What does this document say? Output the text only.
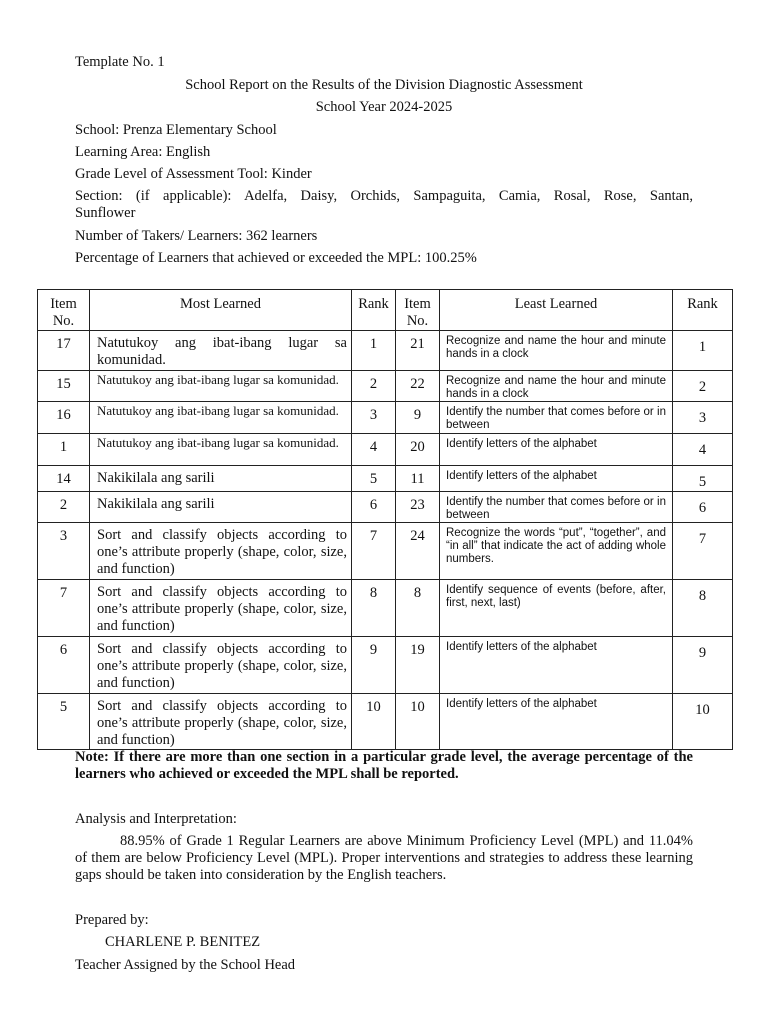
Template No. 1
School Report on the Results of the Division Diagnostic Assessment
School Year 2024-2025
School: Prenza Elementary School
Learning Area: English
Grade Level of Assessment Tool: Kinder
Section: (if applicable): Adelfa, Daisy, Orchids, Sampaguita, Camia, Rosal, Rose, Santan,
Sunflower
Number of Takers/ Learners: 362 learners
Percentage of Learners that achieved or exceeded the MPL: 100.25%
Item No.	Most Learned	Rank	Item No.	Least Learned	Rank
17	Natutukoy ang ibat-ibang lugar sa komunidad.	1	21	Recognize and name the hour and minute hands in a clock	1
15	Natutukoy ang ibat-ibang lugar sa komunidad.	2	22	Recognize and name the hour and minute hands in a clock	2
16	Natutukoy ang ibat-ibang lugar sa komunidad.	3	9	Identify the number that comes before or in between	3
1	Natutukoy ang ibat-ibang lugar sa komunidad.	4	20	Identify letters of the alphabet	4
14	Nakikilala ang sarili	5	11	Identify letters of the alphabet	5
2	Nakikilala ang sarili	6	23	Identify the number that comes before or in between	6
3	Sort and classify objects according to one’s attribute properly (shape, color, size, and function)	7	24	Recognize the words “put”, “together”, and “in all” that indicate the act of adding whole numbers.	7
7	Sort and classify objects according to one’s attribute properly (shape, color, size, and function)	8	8	Identify sequence of events (before, after, first, next, last)	8
6	Sort and classify objects according to one’s attribute properly (shape, color, size, and function)	9	19	Identify letters of the alphabet	9
5	Sort and classify objects according to one’s attribute properly (shape, color, size, and function)	10	10	Identify letters of the alphabet	10
Note: If there are more than one section in a particular grade level, the average percentage of the learners who achieved or exceeded the MPL shall be reported.
Analysis and Interpretation:
88.95% of Grade 1 Regular Learners are above Minimum Proficiency Level (MPL) and 11.04% of them are below Proficiency Level (MPL). Proper interventions and strategies to address these learning gaps should be taken into consideration by the English teachers.
Prepared by:
CHARLENE P. BENITEZ
Teacher Assigned by the School Head
